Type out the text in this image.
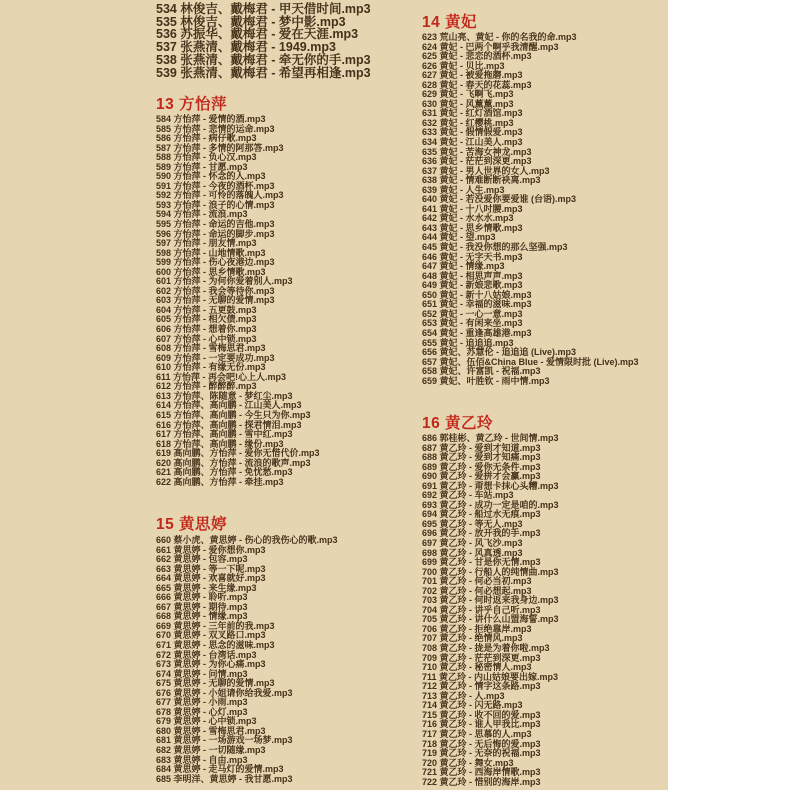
534 林俊吉、戴梅君 - 甲天借时间.mp3
535 林俊吉、戴梅君 - 梦中影.mp3
536 苏振华、戴梅君 - 爱在天涯.mp3
537 张燕清、戴梅君 - 1949.mp3
538 张燕清、戴梅君 - 牵无你的手.mp3
539 张燕清、戴梅君 - 希望再相逢.mp3
13 方怡萍
584 方怡萍 - 爱情的酒.mp3
585 方怡萍 - 悲情的运命.mp3
586 方怡萍 - 病仔歌.mp3
587 方怡萍 - 多情的阿那答.mp3
588 方怡萍 - 负心汉.mp3
589 方怡萍 - 甘愿.mp3
590 方怡萍 - 怀念的人.mp3
591 方怡萍 - 今夜的酒杯.mp3
592 方怡萍 - 可怜的落魄人.mp3
593 方怡萍 - 浪子的心情.mp3
594 方怡萍 - 流浪.mp3
595 方怡萍 - 命运的吉他.mp3
596 方怡萍 - 命运的脚步.mp3
597 方怡萍 - 朋友情.mp3
598 方怡萍 - 山地情歌.mp3
599 方怡萍 - 伤心夜港边.mp3
600 方怡萍 - 思乡情歌.mp3
601 方怡萍 - 为何你爱着别人.mp3
602 方怡萍 - 我会等待你.mp3
603 方怡萍 - 无聊的爱情.mp3
604 方怡萍 - 五更鼓.mp3
605 方怡萍 - 相欠债.mp3
606 方怡萍 - 想着你.mp3
607 方怡萍 - 心中锁.mp3
608 方怡萍 - 雪梅思君.mp3
609 方怡萍 - 一定要成功.mp3
610 方怡萍 - 有缘无份.mp3
611 方怡萍 - 再会吧!心上人.mp3
612 方怡萍 - 醉醉醉.mp3
613 方怡萍、陈随意 - 梦红尘.mp3
614 方怡萍、高向鹏 - 江山美人.mp3
615 方怡萍、高向鹏 - 今生只为你.mp3
616 方怡萍、高向鹏 - 探君情泪.mp3
617 方怡萍、高向鹏 - 雪中红.mp3
618 方怡萍、高向鹏 - 缘份.mp3
619 高向鹏、方怡萍 - 爱你无惜代价.mp3
620 高向鹏、方怡萍 - 流浪的歌声.mp3
621 高向鹏、方怡萍 - 免忧愁.mp3
622 高向鹏、方怡萍 - 牵挂.mp3
15 黄思婷
660 蔡小虎、黄思婷 - 伤心的我伤心的歌.mp3
661 黄思婷 - 爱你想你.mp3
662 黄思婷 - 包容.mp3
663 黄思婷 - 等一下呢.mp3
664 黄思婷 - 欢喜就好.mp3
665 黄思婷 - 来生缘.mp3
666 黄思婷 - 聆听.mp3
667 黄思婷 - 期待.mp3
668 黄思婷 - 情缘.mp3
669 黄思婷 - 三年前的我.mp3
670 黄思婷 - 双叉路口.mp3
671 黄思婷 - 思念的滋味.mp3
672 黄思婷 - 台湾话.mp3
673 黄思婷 - 为你心痛.mp3
674 黄思婷 - 问情.mp3
675 黄思婷 - 无聊的爱情.mp3
676 黄思婷 - 小姐请你给我爱.mp3
677 黄思婷 - 小雨.mp3
678 黄思婷 - 心灯.mp3
679 黄思婷 - 心中锁.mp3
680 黄思婷 - 雪梅思君.mp3
681 黄思婷 - 一场游戏一场梦.mp3
682 黄思婷 - 一切随缘.mp3
683 黄思婷 - 自由.mp3
684 黄思婷 - 走马灯的爱情.mp3
685 李明洋、黄思婷 - 我甘愿.mp3
14 黄妃
623 荒山亮、黄妃 - 你的名我的命.mp3
624 黄妃 - 巴两个啊乎我清醒.mp3
625 黄妃 - 悲恋的酒杯.mp3
626 黄妃 - 贝比.mp3
627 黄妃 - 被爱拖磨.mp3
628 黄妃 - 春天的花蕊.mp3
629 黄妃 - 飞啊飞.mp3
630 黄妃 - 风薰薰.mp3
631 黄妃 - 红灯酒馆.mp3
632 黄妃 - 红樱桃.mp3
633 黄妃 - 假情假爱.mp3
634 黄妃 - 江山美人.mp3
635 黄妃 - 苦海女神龙.mp3
636 黄妃 - 茫茫到深更.mp3
637 黄妃 - 男人世界的女人.mp3
638 黄妃 - 情难断断袂离.mp3
639 黄妃 - 人生.mp3
640 黄妃 - 若没爱你要爱谁 (台语).mp3
641 黄妃 - 十八吋腰.mp3
642 黄妃 - 水水水.mp3
643 黄妃 - 思乡情歌.mp3
644 黄妃 - 望.mp3
645 黄妃 - 我没你想的那么坚强.mp3
646 黄妃 - 无字天书.mp3
647 黄妃 - 情缘.mp3
648 黄妃 - 相思声声.mp3
649 黄妃 - 新娘悲歌.mp3
650 黄妃 - 新十八姑娘.mp3
651 黄妃 - 幸福的滋味.mp3
652 黄妃 - 一心一意.mp3
653 黄妃 - 有闲来坐.mp3
654 黄妃 - 重逢高雄港.mp3
655 黄妃 - 追追追.mp3
656 黄妃、苏慧伦 - 追追追 (Live).mp3
657 黄妃、伍佰&China Blue - 爱情限时批 (Live).mp3
658 黄妃、许富凯 - 祝福.mp3
659 黄妃、叶胜钦 - 雨中情.mp3
16 黄乙玲
686 郭桂彬、黄乙玲 - 世间情.mp3
687 黄乙玲 - 爱到才知道.mp3
688 黄乙玲 - 爱到才知痛.mp3
689 黄乙玲 - 爱你无条件.mp3
690 黄乙玲 - 爱拼才会赢.mp3
691 黄乙玲 - 甭想卡抹心头糟.mp3
692 黄乙玲 - 车站.mp3
693 黄乙玲 - 成功一定是咱的.mp3
694 黄乙玲 - 船过水无痕.mp3
695 黄乙玲 - 等无人.mp3
696 黄乙玲 - 放开我的手.mp3
697 黄乙玲 - 风飞沙.mp3
698 黄乙玲 - 风真透.mp3
699 黄乙玲 - 甘是你无情.mp3
700 黄乙玲 - 行船人的纯情曲.mp3
701 黄乙玲 - 何必当初.mp3
702 黄乙玲 - 何必想起.mp3
703 黄乙玲 - 何时返来我身边.mp3
704 黄乙玲 - 讲乎自己听.mp3
705 黄乙玲 - 讲什么山盟海誓.mp3
706 黄乙玲 - 拒绝靠岸.mp3
707 黄乙玲 - 绝情风.mp3
708 黄乙玲 - 拢是为着你啦.mp3
709 黄乙玲 - 茫茫到深更.mp3
710 黄乙玲 - 秘密情人.mp3
711 黄乙玲 - 内山姑娘要出嫁.mp3
712 黄乙玲 - 情字这条路.mp3
713 黄乙玲 - 人.mp3
714 黄乙玲 - 闪无路.mp3
715 黄乙玲 - 收不回的爱.mp3
716 黄乙玲 - 谁人甲我比.mp3
717 黄乙玲 - 思慕的人.mp3
718 黄乙玲 - 无后悔的爱.mp3
719 黄乙玲 - 无奈的祝福.mp3
720 黄乙玲 - 舞女.mp3
721 黄乙玲 - 西海岸情歌.mp3
722 黄乙玲 - 惜别的海岸.mp3
